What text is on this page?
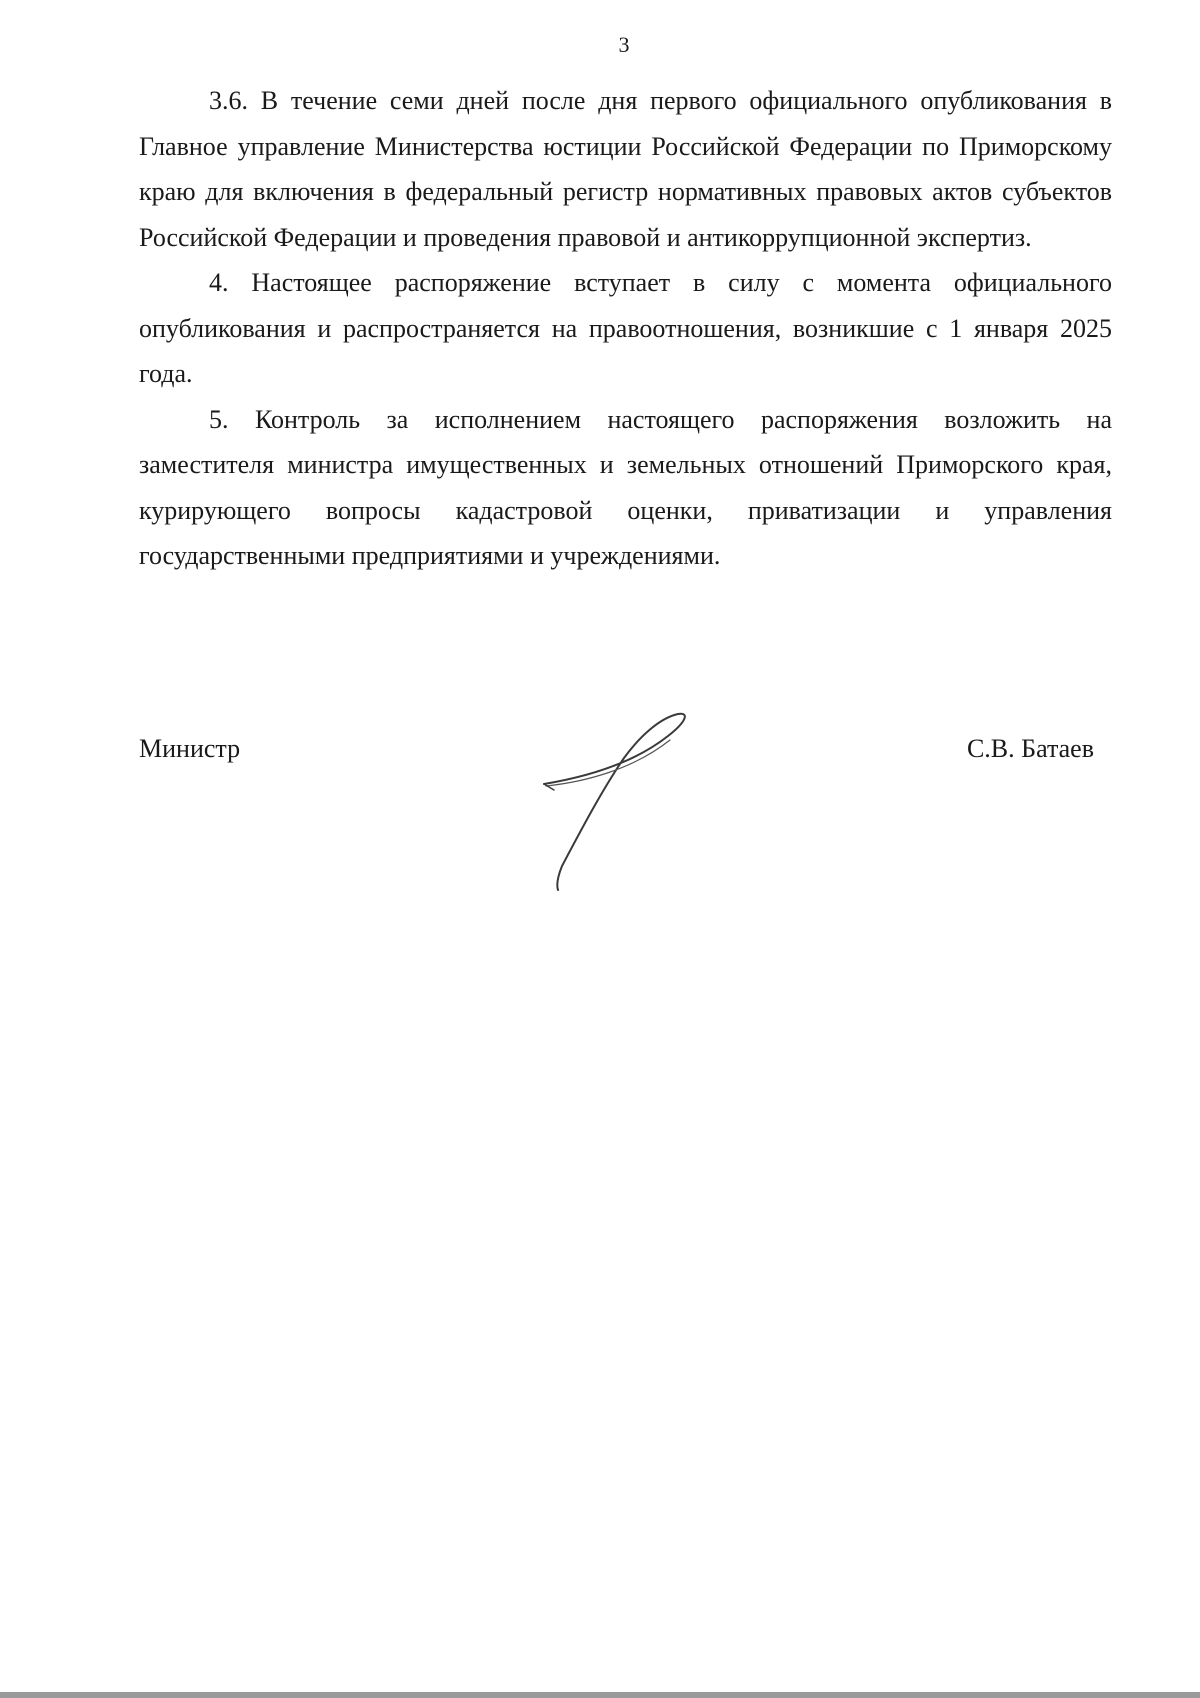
3

3.6. В течение семи дней после дня первого официального опубликования в Главное управление Министерства юстиции Российской Федерации по Приморскому краю для включения в федеральный регистр нормативных правовых актов субъектов Российской Федерации и проведения правовой и антикоррупционной экспертиз.

4. Настоящее распоряжение вступает в силу с момента официального опубликования и распространяется на правоотношения, возникшие с 1 января 2025 года.

5. Контроль за исполнением настоящего распоряжения возложить на заместителя министра имущественных и земельных отношений Приморского края, курирующего вопросы кадастровой оценки, приватизации и управления государственными предприятиями и учреждениями.

Министр	С.В. Батаев
